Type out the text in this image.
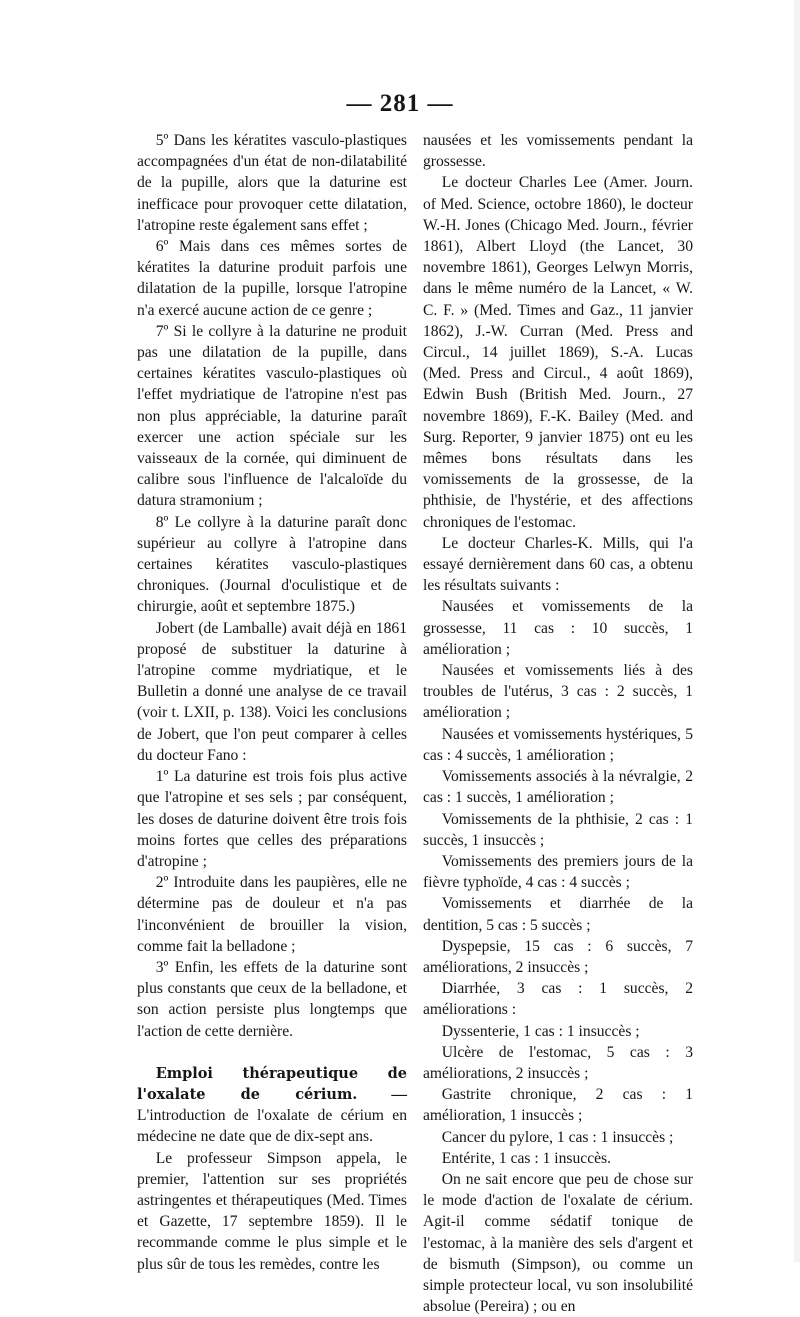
— 281 —

5º Dans les kératites vasculo-plastiques accompagnées d'un état de non-dilatabilité de la pupille, alors que la daturine est inefficace pour provoquer cette dilatation, l'atropine reste également sans effet ;

6º Mais dans ces mêmes sortes de kératites la daturine produit parfois une dilatation de la pupille, lorsque l'atropine n'a exercé aucune action de ce genre ;

7º Si le collyre à la daturine ne produit pas une dilatation de la pupille, dans certaines kératites vasculo-plastiques où l'effet mydriatique de l'atropine n'est pas non plus appréciable, la daturine paraît exercer une action spéciale sur les vaisseaux de la cornée, qui diminuent de calibre sous l'influence de l'alcaloïde du datura stramonium ;

8º Le collyre à la daturine paraît donc supérieur au collyre à l'atropine dans certaines kératites vasculo-plastiques chroniques. (Journal d'oculistique et de chirurgie, août et septembre 1875.)

Jobert (de Lamballe) avait déjà en 1861 proposé de substituer la daturine à l'atropine comme mydriatique, et le Bulletin a donné une analyse de ce travail (voir t. LXII, p. 138). Voici les conclusions de Jobert, que l'on peut comparer à celles du docteur Fano :

1º La daturine est trois fois plus active que l'atropine et ses sels ; par conséquent, les doses de daturine doivent être trois fois moins fortes que celles des préparations d'atropine ;

2º Introduite dans les paupières, elle ne détermine pas de douleur et n'a pas l'inconvénient de brouiller la vision, comme fait la belladone ;

3º Enfin, les effets de la daturine sont plus constants que ceux de la belladone, et son action persiste plus longtemps que l'action de cette dernière.

Emploi thérapeutique de l'oxalate de cérium. — L'introduction de l'oxalate de cérium en médecine ne date que de dix-sept ans.

Le professeur Simpson appela, le premier, l'attention sur ses propriétés astringentes et thérapeutiques (Med. Times et Gazette, 17 septembre 1859). Il le recommande comme le plus simple et le plus sûr de tous les remèdes, contre les

nausées et les vomissements pendant la grossesse.

Le docteur Charles Lee (Amer. Journ. of Med. Science, octobre 1860), le docteur W.-H. Jones (Chicago Med. Journ., février 1861), Albert Lloyd (the Lancet, 30 novembre 1861), Georges Lelwyn Morris, dans le même numéro de la Lancet, « W. C. F. » (Med. Times and Gaz., 11 janvier 1862), J.-W. Curran (Med. Press and Circul., 14 juillet 1869), S.-A. Lucas (Med. Press and Circul., 4 août 1869), Edwin Bush (British Med. Journ., 27 novembre 1869), F.-K. Bailey (Med. and Surg. Reporter, 9 janvier 1875) ont eu les mêmes bons résultats dans les vomissements de la grossesse, de la phthisie, de l'hystérie, et des affections chroniques de l'estomac.

Le docteur Charles-K. Mills, qui l'a essayé dernièrement dans 60 cas, a obtenu les résultats suivants :

Nausées et vomissements de la grossesse, 11 cas : 10 succès, 1 amélioration ;

Nausées et vomissements liés à des troubles de l'utérus, 3 cas : 2 succès, 1 amélioration ;

Nausées et vomissements hystériques, 5 cas : 4 succès, 1 amélioration ;

Vomissements associés à la névralgie, 2 cas : 1 succès, 1 amélioration ;

Vomissements de la phthisie, 2 cas : 1 succès, 1 insuccès ;

Vomissements des premiers jours de la fièvre typhoïde, 4 cas : 4 succès ;

Vomissements et diarrhée de la dentition, 5 cas : 5 succès ;

Dyspepsie, 15 cas : 6 succès, 7 améliorations, 2 insuccès ;

Diarrhée, 3 cas : 1 succès, 2 améliorations :

Dyssenterie, 1 cas : 1 insuccès ;

Ulcère de l'estomac, 5 cas : 3 améliorations, 2 insuccès ;

Gastrite chronique, 2 cas : 1 amélioration, 1 insuccès ;

Cancer du pylore, 1 cas : 1 insuccès ;

Entérite, 1 cas : 1 insuccès.

On ne sait encore que peu de chose sur le mode d'action de l'oxalate de cérium. Agit-il comme sédatif tonique de l'estomac, à la manière des sels d'argent et de bismuth (Simpson), ou comme un simple protecteur local, vu son insolubilité absolue (Pereira) ; ou en
